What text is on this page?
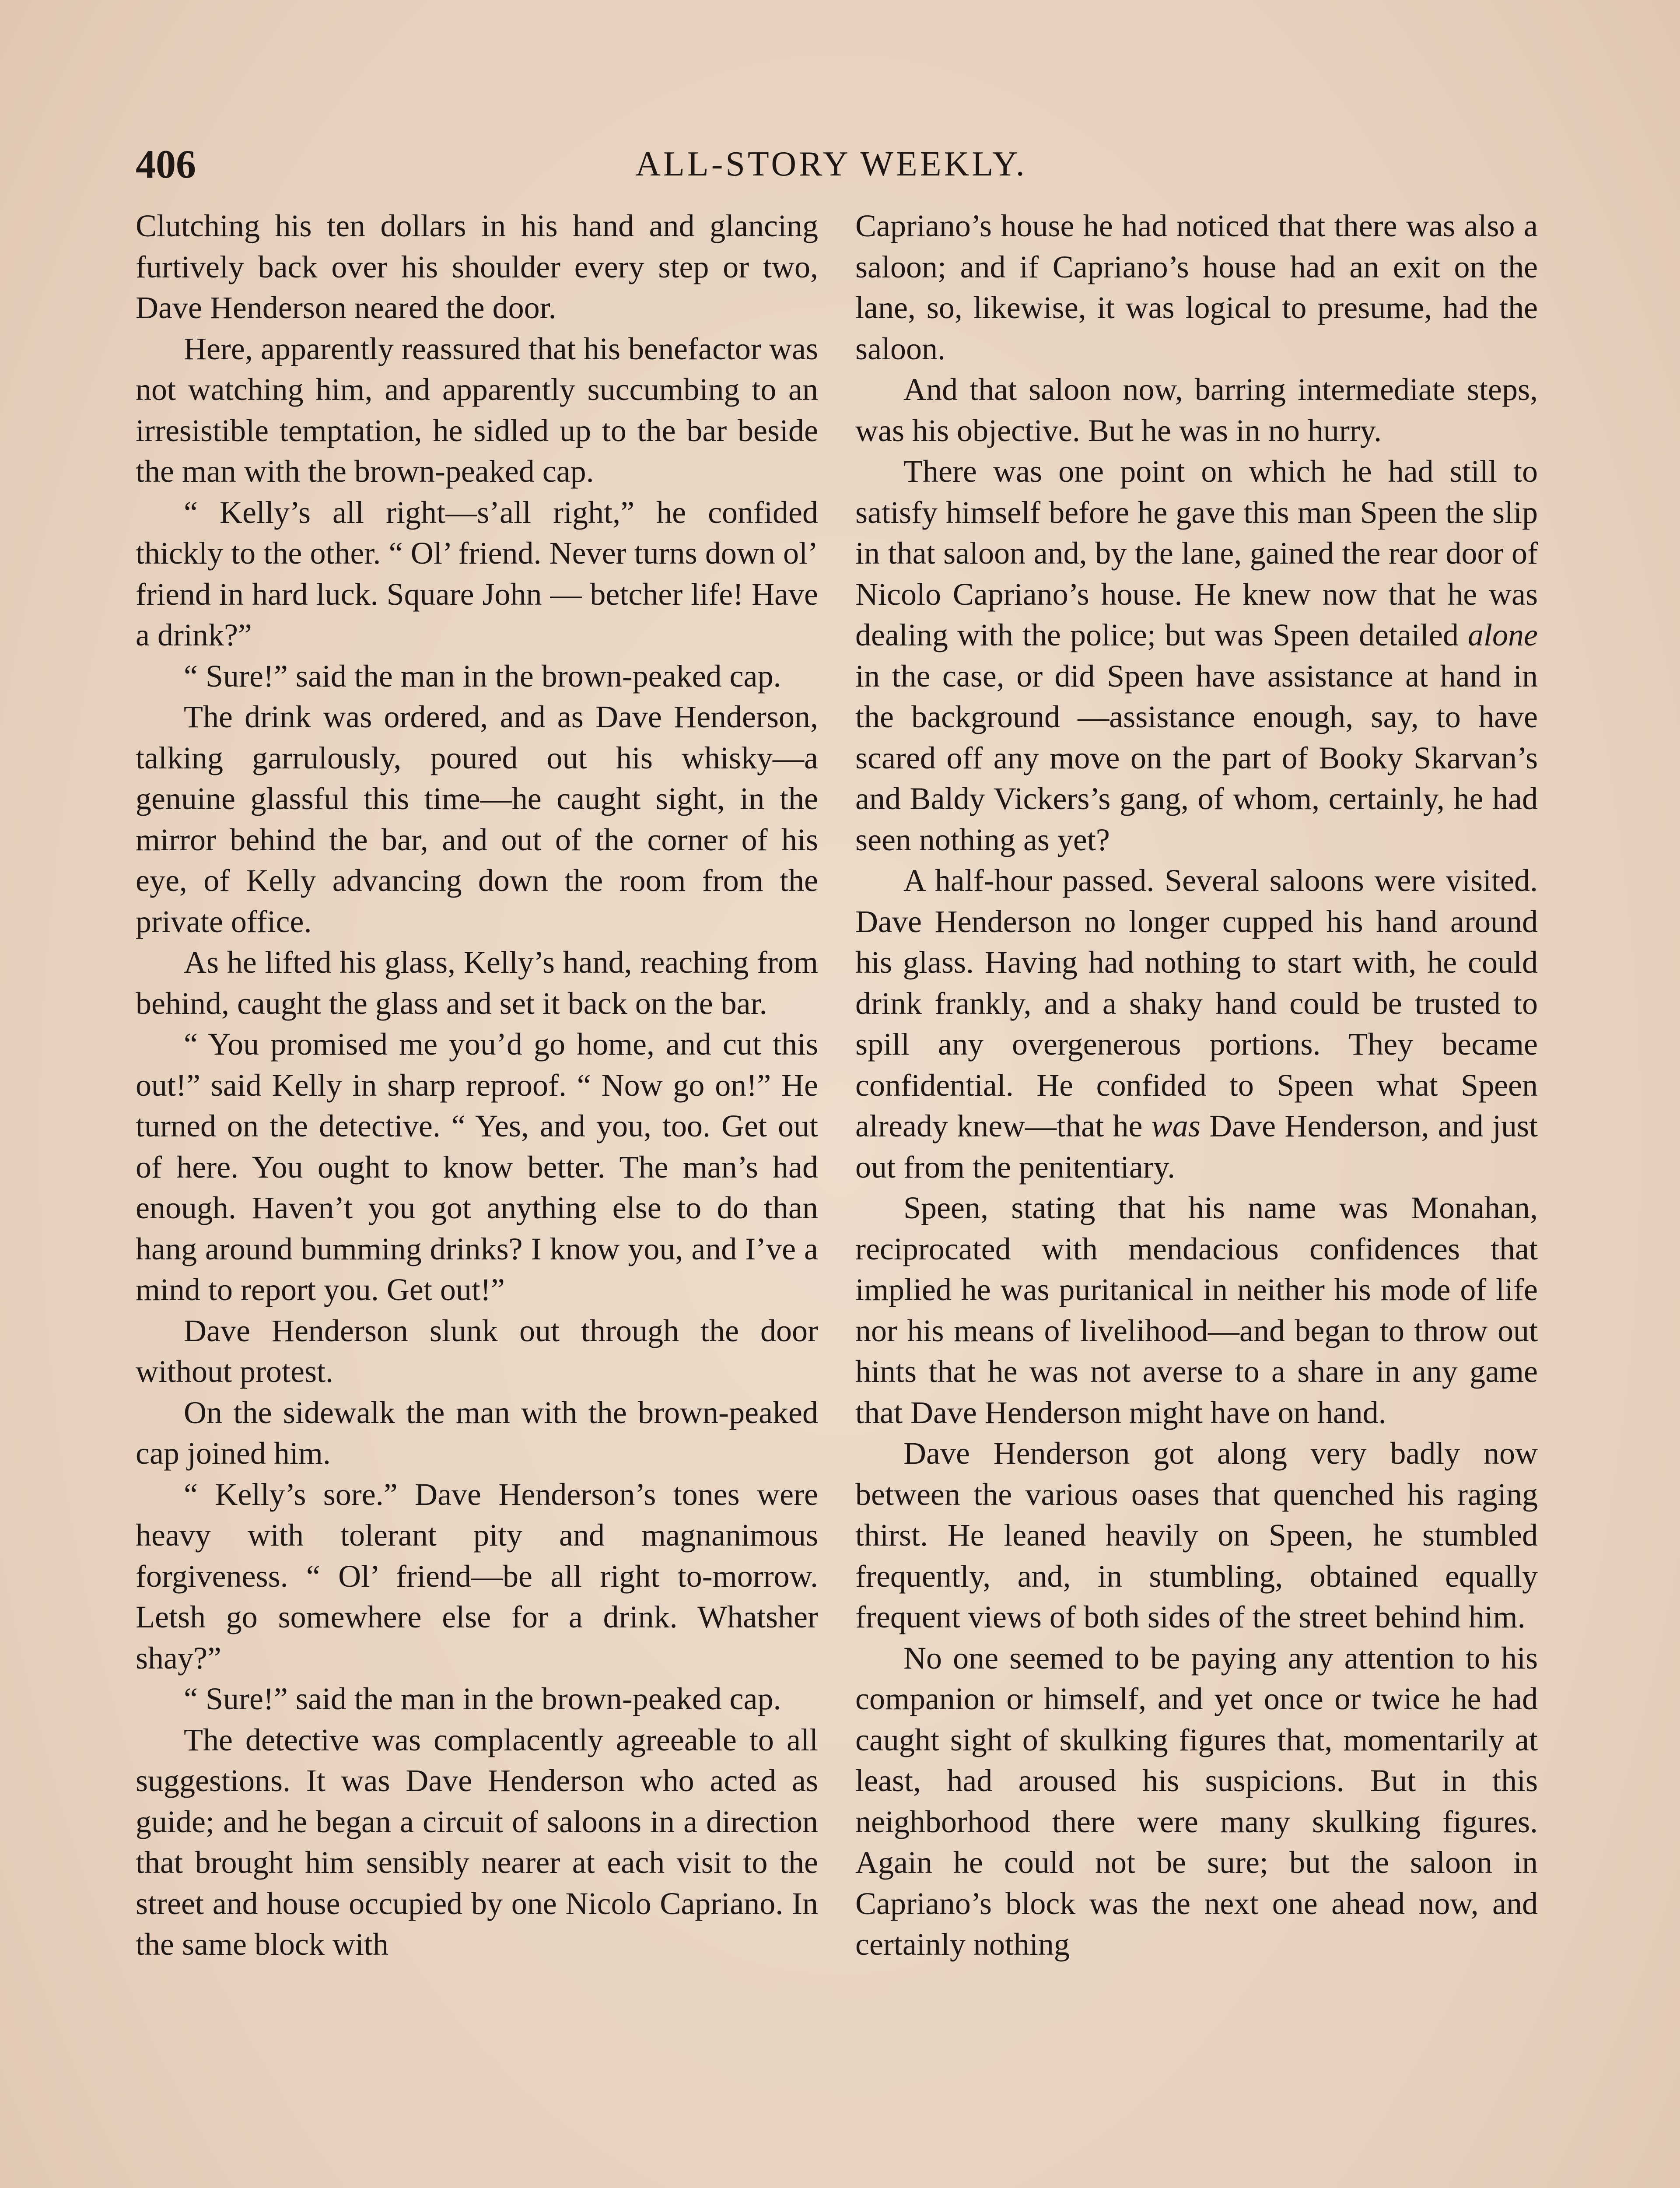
406	ALL-STORY WEEKLY.

Clutching his ten dollars in his hand and glancing furtively back over his shoulder every step or two, Dave Henderson neared the door.

Here, apparently reassured that his benefactor was not watching him, and apparently succumbing to an irresistible temptation, he sidled up to the bar beside the man with the brown-peaked cap.

“ Kelly’s all right—s’all right,” he confided thickly to the other. “ Ol’ friend. Never turns down ol’ friend in hard luck. Square John — betcher life! Have a drink?”

“ Sure!” said the man in the brown-peaked cap.

The drink was ordered, and as Dave Henderson, talking garrulously, poured out his whisky—a genuine glassful this time—he caught sight, in the mirror behind the bar, and out of the corner of his eye, of Kelly advancing down the room from the private office.

As he lifted his glass, Kelly’s hand, reaching from behind, caught the glass and set it back on the bar.

“ You promised me you’d go home, and cut this out!” said Kelly in sharp reproof. “ Now go on!” He turned on the detective. “ Yes, and you, too. Get out of here. You ought to know better. The man’s had enough. Haven’t you got anything else to do than hang around bumming drinks? I know you, and I’ve a mind to report you. Get out!”

Dave Henderson slunk out through the door without protest.

On the sidewalk the man with the brown-peaked cap joined him.

“ Kelly’s sore.” Dave Henderson’s tones were heavy with tolerant pity and magnanimous forgiveness. “ Ol’ friend—be all right to-morrow. Letsh go somewhere else for a drink. Whatsher shay?”

“ Sure!” said the man in the brown-peaked cap.

The detective was complacently agreeable to all suggestions. It was Dave Henderson who acted as guide; and he began a circuit of saloons in a direction that brought him sensibly nearer at each visit to the street and house occupied by one Nicolo Capriano. In the same block with

Capriano’s house he had noticed that there was also a saloon; and if Capriano’s house had an exit on the lane, so, likewise, it was logical to presume, had the saloon.

And that saloon now, barring intermediate steps, was his objective. But he was in no hurry.

There was one point on which he had still to satisfy himself before he gave this man Speen the slip in that saloon and, by the lane, gained the rear door of Nicolo Capriano’s house. He knew now that he was dealing with the police; but was Speen detailed alone in the case, or did Speen have assistance at hand in the background —assistance enough, say, to have scared off any move on the part of Booky Skarvan’s and Baldy Vickers’s gang, of whom, certainly, he had seen nothing as yet?

A half-hour passed. Several saloons were visited. Dave Henderson no longer cupped his hand around his glass. Having had nothing to start with, he could drink frankly, and a shaky hand could be trusted to spill any overgenerous portions. They became confidential. He confided to Speen what Speen already knew—that he was Dave Henderson, and just out from the penitentiary.

Speen, stating that his name was Monahan, reciprocated with mendacious confidences that implied he was puritanical in neither his mode of life nor his means of livelihood—and began to throw out hints that he was not averse to a share in any game that Dave Henderson might have on hand.

Dave Henderson got along very badly now between the various oases that quenched his raging thirst. He leaned heavily on Speen, he stumbled frequently, and, in stumbling, obtained equally frequent views of both sides of the street behind him.

No one seemed to be paying any attention to his companion or himself, and yet once or twice he had caught sight of skulking figures that, momentarily at least, had aroused his suspicions. But in this neighborhood there were many skulking figures. Again he could not be sure; but the saloon in Capriano’s block was the next one ahead now, and certainly nothing
